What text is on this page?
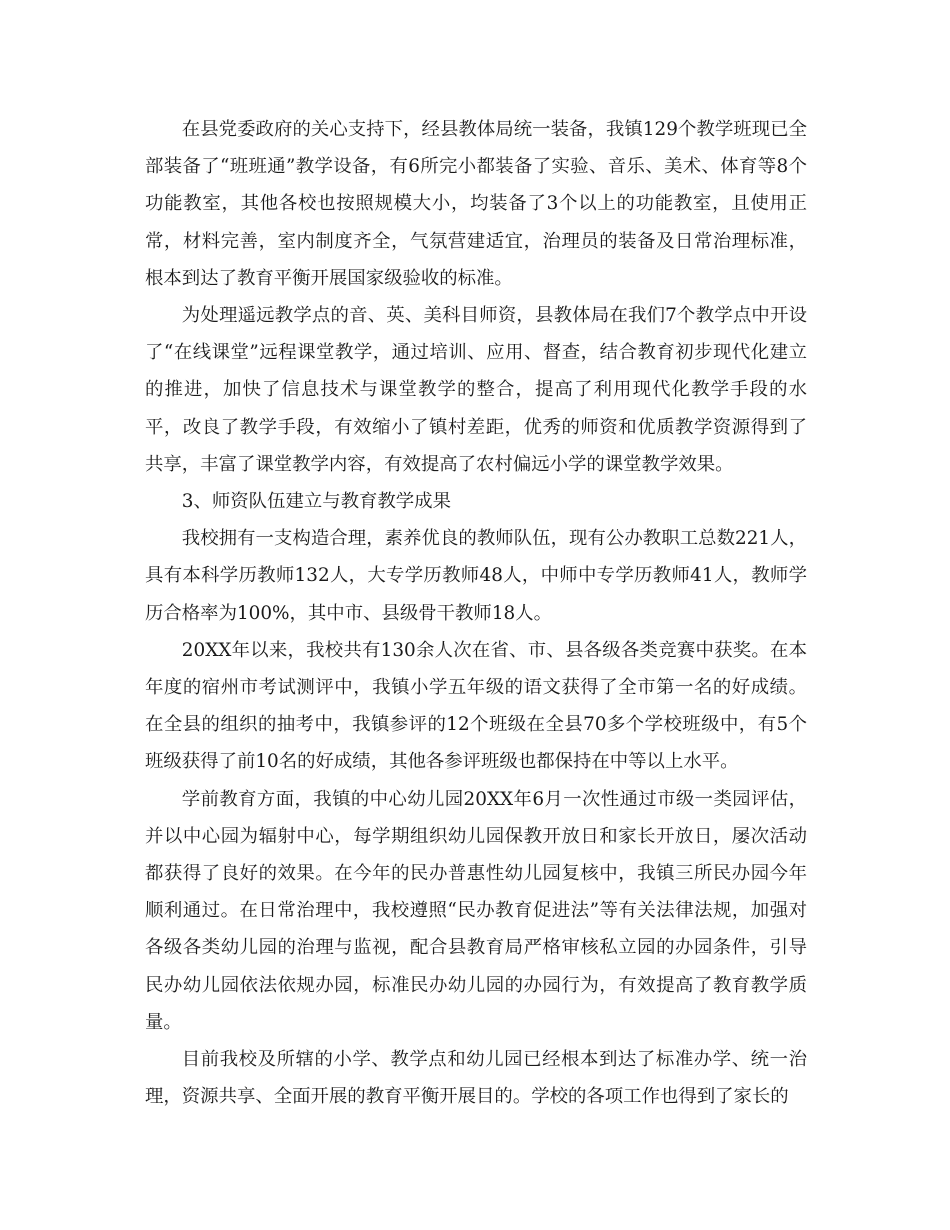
在县党委政府的关心支持下，经县教体局统一装备，我镇129个教学班现已全部装备了“班班通”教学设备，有6所完小都装备了实验、音乐、美术、体育等8个功能教室，其他各校也按照规模大小，均装备了3个以上的功能教室，且使用正常，材料完善，室内制度齐全，气氛营建适宜，治理员的装备及日常治理标准，根本到达了教育平衡开展国家级验收的标准。

为处理遥远教学点的音、英、美科目师资，县教体局在我们7个教学点中开设了“在线课堂”远程课堂教学，通过培训、应用、督查，结合教育初步现代化建立的推进，加快了信息技术与课堂教学的整合，提高了利用现代化教学手段的水平，改良了教学手段，有效缩小了镇村差距，优秀的师资和优质教学资源得到了共享，丰富了课堂教学内容，有效提高了农村偏远小学的课堂教学效果。

3、师资队伍建立与教育教学成果

我校拥有一支构造合理，素养优良的教师队伍，现有公办教职工总数221人，具有本科学历教师132人，大专学历教师48人，中师中专学历教师41人，教师学历合格率为100%，其中市、县级骨干教师18人。

20XX年以来，我校共有130余人次在省、市、县各级各类竞赛中获奖。在本年度的宿州市考试测评中，我镇小学五年级的语文获得了全市第一名的好成绩。在全县的组织的抽考中，我镇参评的12个班级在全县70多个学校班级中，有5个班级获得了前10名的好成绩，其他各参评班级也都保持在中等以上水平。

学前教育方面，我镇的中心幼儿园20XX年6月一次性通过市级一类园评估，并以中心园为辐射中心，每学期组织幼儿园保教开放日和家长开放日，屡次活动都获得了良好的效果。在今年的民办普惠性幼儿园复核中，我镇三所民办园今年顺利通过。在日常治理中，我校遵照“民办教育促进法”等有关法律法规，加强对各级各类幼儿园的治理与监视，配合县教育局严格审核私立园的办园条件，引导民办幼儿园依法依规办园，标准民办幼儿园的办园行为，有效提高了教育教学质量。

目前我校及所辖的小学、教学点和幼儿园已经根本到达了标准办学、统一治理，资源共享、全面开展的教育平衡开展目的。学校的各项工作也得到了家长的
